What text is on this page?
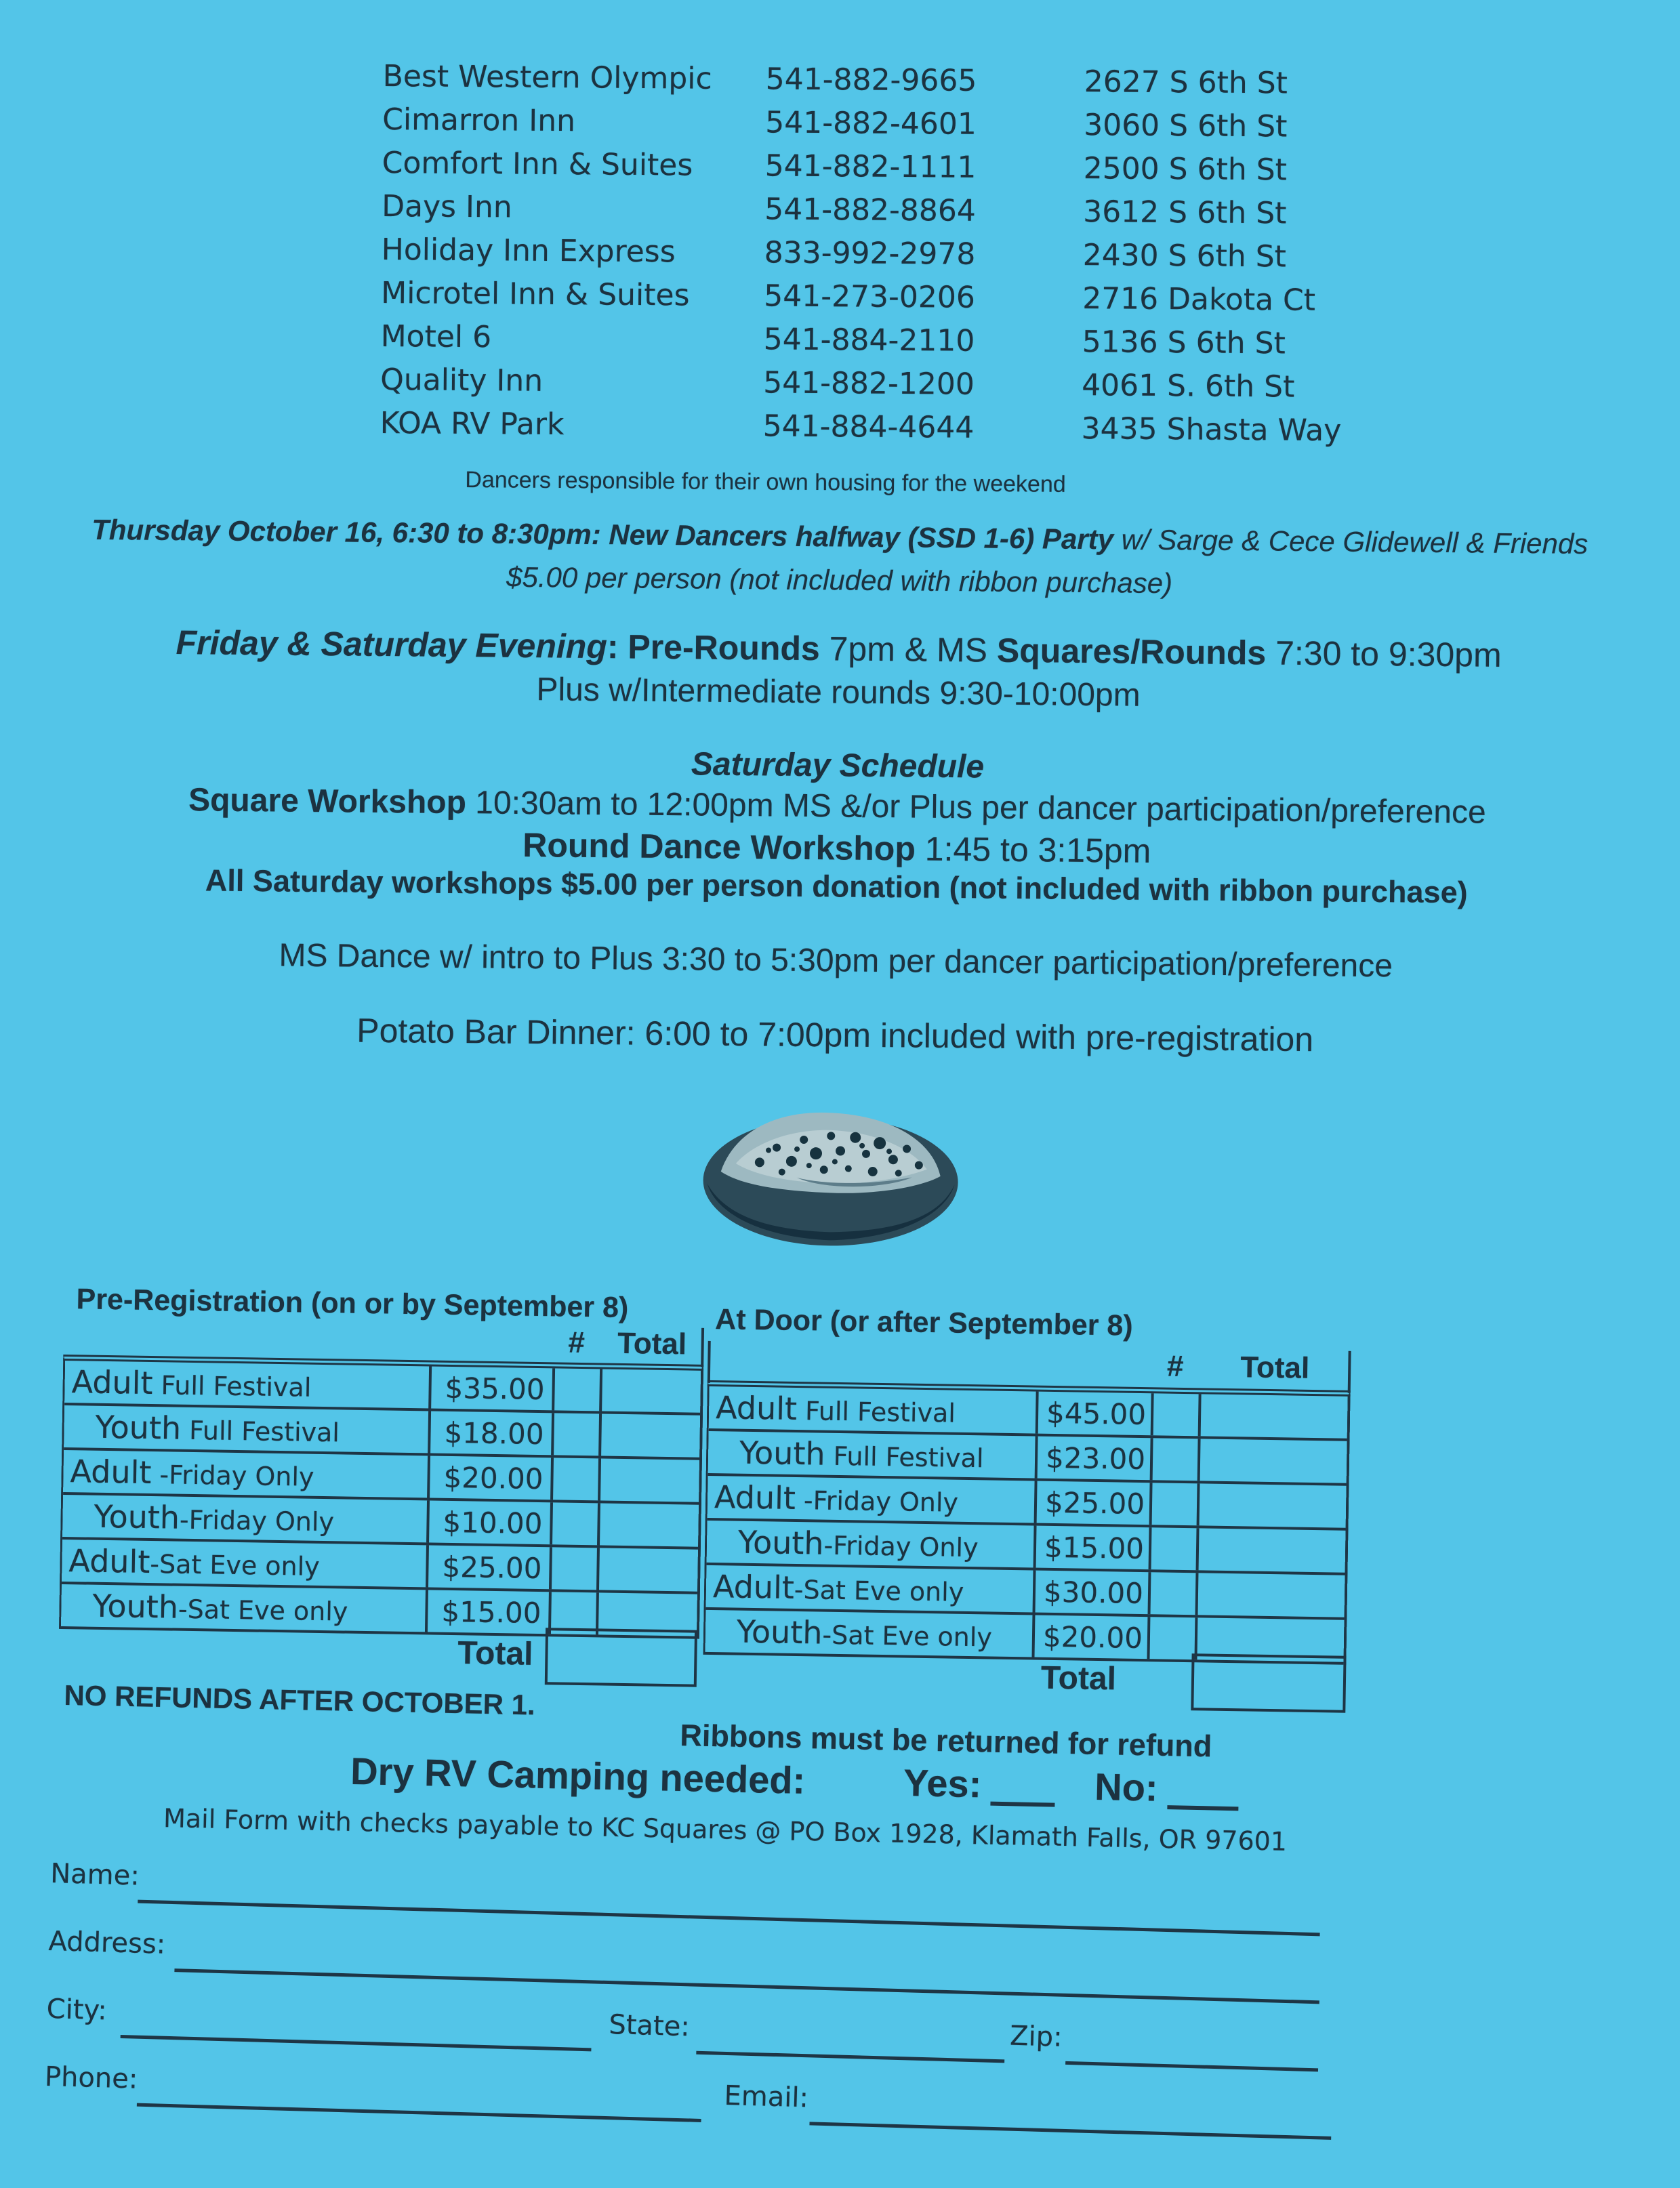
Best Western Olympic	541-882-9665	2627 S 6th St
Cimarron Inn	541-882-4601	3060 S 6th St
Comfort Inn & Suites	541-882-1111	2500 S 6th St
Days Inn	541-882-8864	3612 S 6th St
Holiday Inn Express	833-992-2978	2430 S 6th St
Microtel Inn & Suites	541-273-0206	2716 Dakota Ct
Motel 6	541-884-2110	5136 S 6th St
Quality Inn	541-882-1200	4061 S. 6th St
KOA RV Park	541-884-4644	3435 Shasta Way
Dancers responsible for their own housing for the weekend
Thursday October 16, 6:30 to 8:30pm: New Dancers halfway (SSD 1-6) Party w/ Sarge & Cece Glidewell & Friends
$5.00 per person (not included with ribbon purchase)
Friday & Saturday Evening: Pre-Rounds 7pm & MS Squares/Rounds 7:30 to 9:30pm
Plus w/Intermediate rounds 9:30-10:00pm
Saturday Schedule
Square Workshop 10:30am to 12:00pm MS &/or Plus per dancer participation/preference
Round Dance Workshop 1:45 to 3:15pm
All Saturday workshops $5.00 per person donation (not included with ribbon purchase)
MS Dance w/ intro to Plus 3:30 to 5:30pm per dancer participation/preference
Potato Bar Dinner: 6:00 to 7:00pm included with pre-registration
Pre-Registration (on or by September 8)
#	Total
Adult Full Festival	$35.00
Youth Full Festival	$18.00
Adult -Friday Only	$20.00
Youth-Friday Only	$10.00
Adult-Sat Eve only	$25.00
Youth-Sat Eve only	$15.00
Total
At Door (or after September 8)
#	Total
Adult Full Festival	$45.00
Youth Full Festival	$23.00
Adult -Friday Only	$25.00
Youth-Friday Only	$15.00
Adult-Sat Eve only	$30.00
Youth-Sat Eve only	$20.00
Total
NO REFUNDS AFTER OCTOBER 1.
Ribbons must be returned for refund
Dry RV Camping needed:	Yes:	No:
Mail Form with checks payable to KC Squares @ PO Box 1928, Klamath Falls, OR 97601
Name:
Address:
City:	State:	Zip:
Phone:
Email:
